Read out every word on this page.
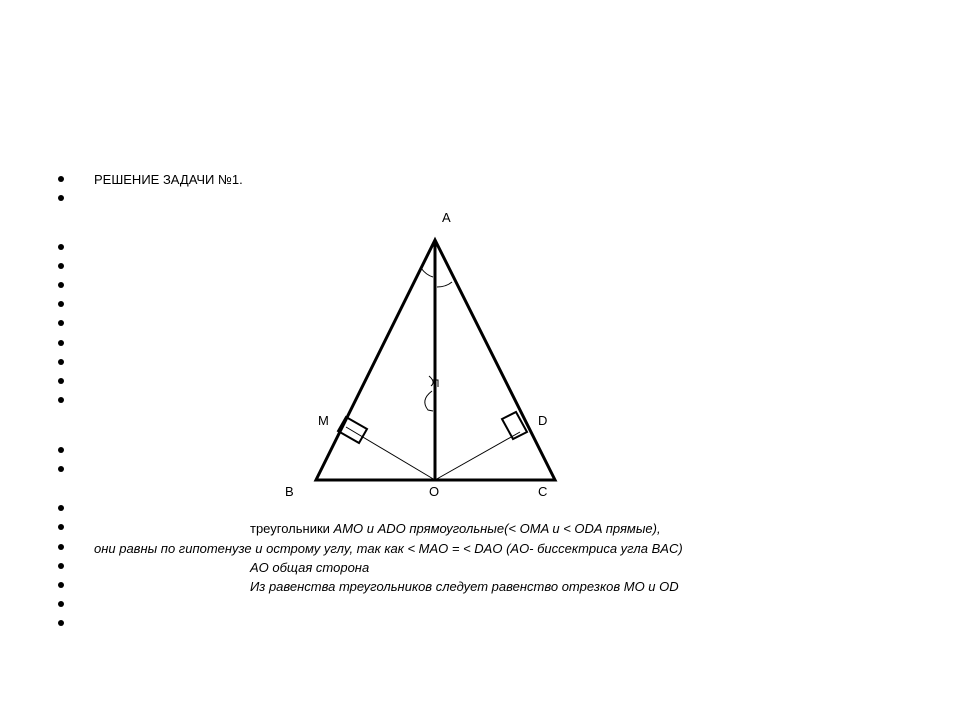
РЕШЕНИЕ ЗАДАЧИ №1.
A
M	D
B	O	C
треугольники AMO и ADO прямоугольные(< OMA и < ODA прямые),
они равны по гипотенузе и острому углу, так как < MAO = < DAO (AO- биссектриса угла BAC)
AO общая сторона
Из равенства треугольников следует равенство отрезков MO и OD
